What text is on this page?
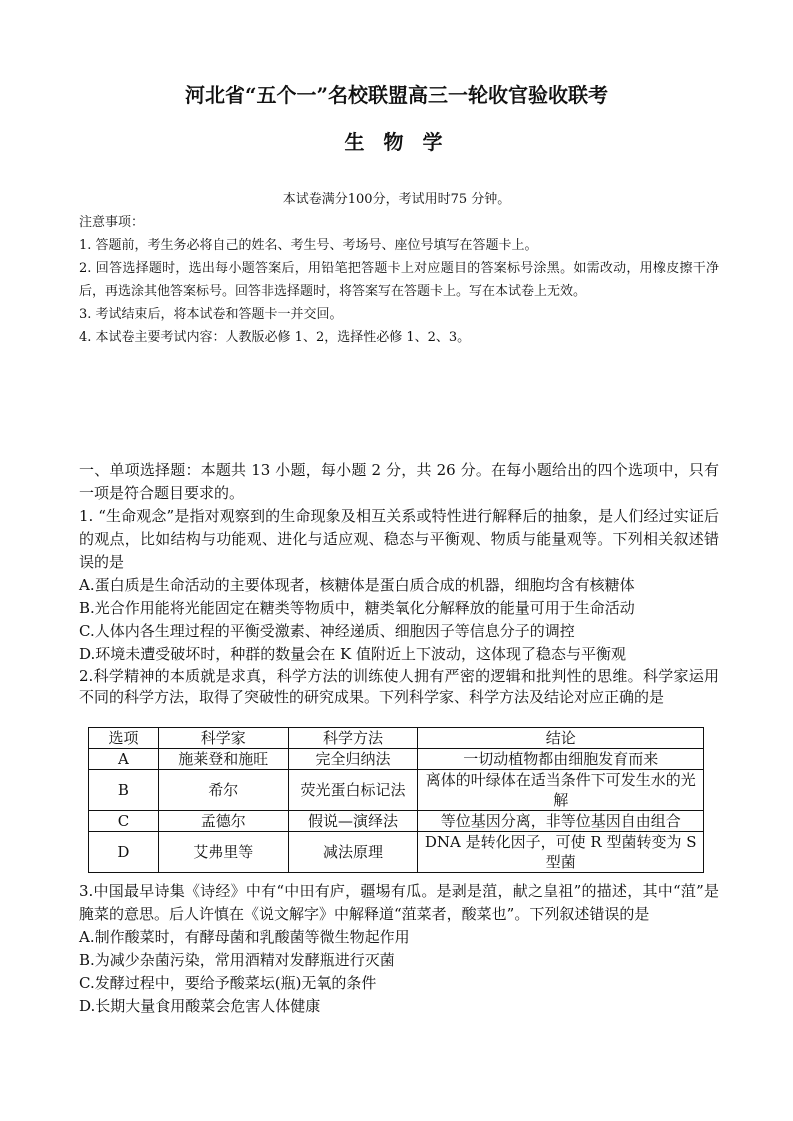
河北省“五个一”名校联盟高三一轮收官验收联考
生 物 学
本试卷满分100分，考试用时75 分钟。
注意事项：
1. 答题前，考生务必将自己的姓名、考生号、考场号、座位号填写在答题卡上。
2. 回答选择题时，选出每小题答案后，用铅笔把答题卡上对应题目的答案标号涂黑。如需改动，用橡皮擦干净后，再选涂其他答案标号。回答非选择题时，将答案写在答题卡上。写在本试卷上无效。
3. 考试结束后，将本试卷和答题卡一并交回。
4. 本试卷主要考试内容：人教版必修 1、2，选择性必修 1、2、3。

一、单项选择题：本题共 13 小题，每小题 2 分，共 26 分。在每小题给出的四个选项中，只有一项是符合题目要求的。

1. “生命观念”是指对观察到的生命现象及相互关系或特性进行解释后的抽象，是人们经过实证后的观点，比如结构与功能观、进化与适应观、稳态与平衡观、物质与能量观等。下列相关叙述错误的是

A.蛋白质是生命活动的主要体现者，核糖体是蛋白质合成的机器，细胞均含有核糖体

B.光合作用能将光能固定在糖类等物质中，糖类氧化分解释放的能量可用于生命活动

C.人体内各生理过程的平衡受激素、神经递质、细胞因子等信息分子的调控

D.环境未遭受破坏时，种群的数量会在 K 值附近上下波动，这体现了稳态与平衡观

2.科学精神的本质就是求真，科学方法的训练使人拥有严密的逻辑和批判性的思维。科学家运用不同的科学方法，取得了突破性的研究成果。下列科学家、科学方法及结论对应正确的是

选项	科学家	科学方法	结论
A	施莱登和施旺	完全归纳法	一切动植物都由细胞发育而来
B	希尔	荧光蛋白标记法	离体的叶绿体在适当条件下可发生水的光解
C	孟德尔	假说—演绎法	等位基因分离，非等位基因自由组合
D	艾弗里等	减法原理	DNA 是转化因子，可使 R 型菌转变为 S 型菌

3.中国最早诗集《诗经》中有“中田有庐，疆埸有瓜。是剥是菹，献之皇祖”的描述，其中“菹”是腌菜的意思。后人许慎在《说文解字》中解释道“菹菜者，酸菜也”。下列叙述错误的是

A.制作酸菜时，有酵母菌和乳酸菌等微生物起作用

B.为减少杂菌污染，常用酒精对发酵瓶进行灭菌

C.发酵过程中，要给予酸菜坛(瓶)无氧的条件

D.长期大量食用酸菜会危害人体健康
